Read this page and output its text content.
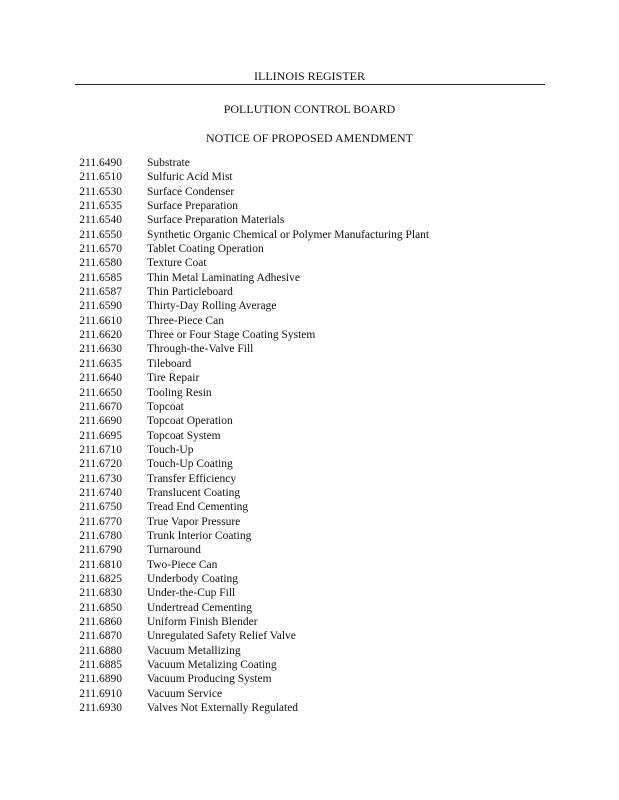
ILLINOIS REGISTER
POLLUTION CONTROL BOARD
NOTICE OF PROPOSED AMENDMENT
211.6490 Substrate
211.6510 Sulfuric Acid Mist
211.6530 Surface Condenser
211.6535 Surface Preparation
211.6540 Surface Preparation Materials
211.6550 Synthetic Organic Chemical or Polymer Manufacturing Plant
211.6570 Tablet Coating Operation
211.6580 Texture Coat
211.6585 Thin Metal Laminating Adhesive
211.6587 Thin Particleboard
211.6590 Thirty-Day Rolling Average
211.6610 Three-Piece Can
211.6620 Three or Four Stage Coating System
211.6630 Through-the-Valve Fill
211.6635 Tileboard
211.6640 Tire Repair
211.6650 Tooling Resin
211.6670 Topcoat
211.6690 Topcoat Operation
211.6695 Topcoat System
211.6710 Touch-Up
211.6720 Touch-Up Coating
211.6730 Transfer Efficiency
211.6740 Translucent Coating
211.6750 Tread End Cementing
211.6770 True Vapor Pressure
211.6780 Trunk Interior Coating
211.6790 Turnaround
211.6810 Two-Piece Can
211.6825 Underbody Coating
211.6830 Under-the-Cup Fill
211.6850 Undertread Cementing
211.6860 Uniform Finish Blender
211.6870 Unregulated Safety Relief Valve
211.6880 Vacuum Metallizing
211.6885 Vacuum Metalizing Coating
211.6890 Vacuum Producing System
211.6910 Vacuum Service
211.6930 Valves Not Externally Regulated
